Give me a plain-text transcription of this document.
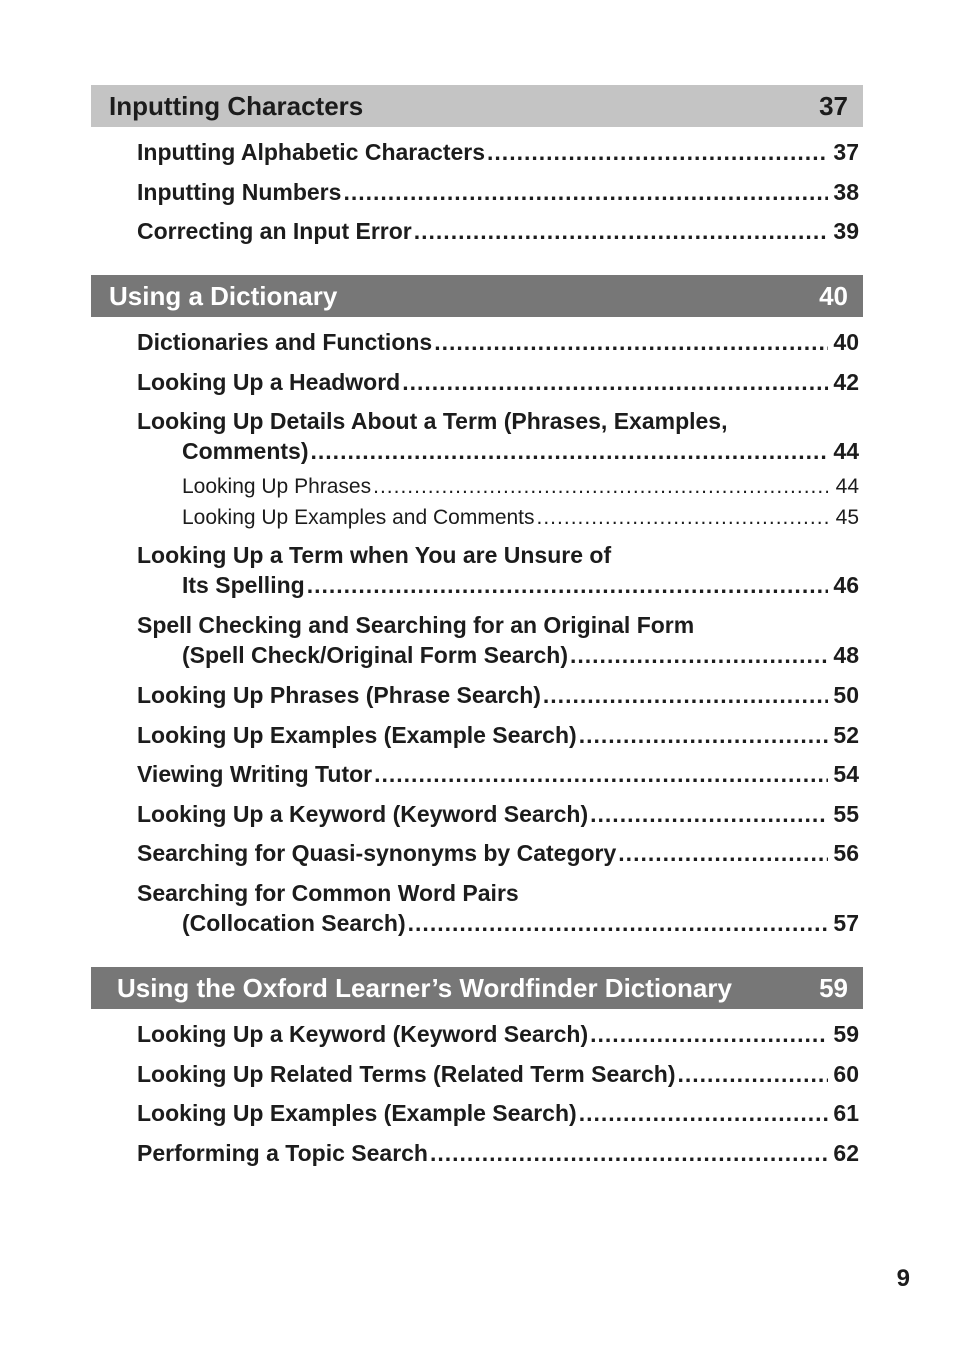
Inputting Characters	37
Inputting Alphabetic Characters .....	37
Inputting Numbers .....	38
Correcting an Input Error .....	39
Using a Dictionary	40
Dictionaries and Functions .....	40
Looking Up a Headword .....	42
Looking Up Details About a Term (Phrases, Examples,
Comments) .....	44
Looking Up Phrases .....	44
Looking Up Examples and Comments .....	45
Looking Up a Term when You are Unsure of
Its Spelling .....	46
Spell Checking and Searching for an Original Form
(Spell Check/Original Form Search) .....	48
Looking Up Phrases (Phrase Search) .....	50
Looking Up Examples (Example Search) .....	52
Viewing Writing Tutor .....	54
Looking Up a Keyword (Keyword Search) .....	55
Searching for Quasi-synonyms by Category .....	56
Searching for Common Word Pairs
(Collocation Search) .....	57
Using the Oxford Learner’s Wordfinder Dictionary	59
Looking Up a Keyword (Keyword Search) .....	59
Looking Up Related Terms (Related Term Search) .....	60
Looking Up Examples (Example Search) .....	61
Performing a Topic Search .....	62
9
